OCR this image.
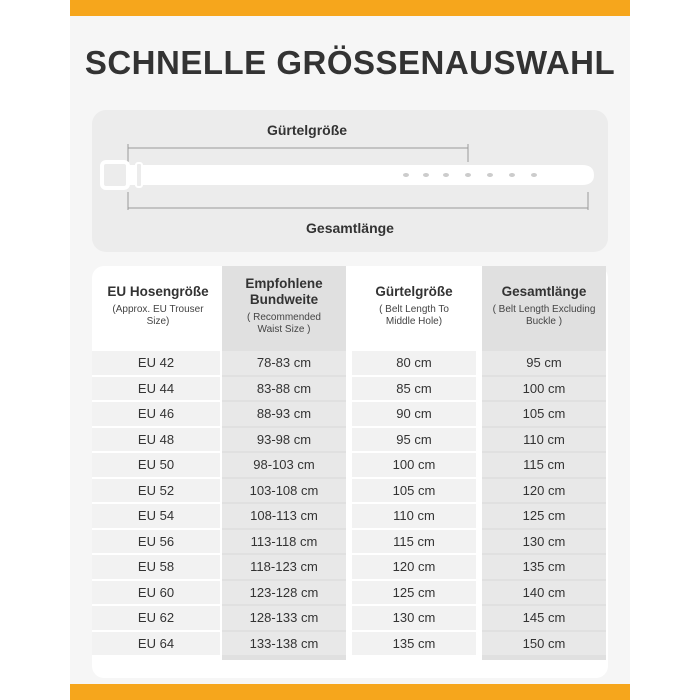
SCHNELLE GRÖSSENAUSWAHL
Gürtelgröße
Gesamtlänge
EU Hosengröße
(Approx. EU Trouser Size)
Empfohlene Bundweite
( Recommended Waist Size )
Gürtelgröße
( Belt Length To Middle Hole)
Gesamtlänge
( Belt Length Excluding Buckle )
EU 42	78-83 cm	80 cm	95 cm
EU 44	83-88 cm	85 cm	100 cm
EU 46	88-93 cm	90 cm	105 cm
EU 48	93-98 cm	95 cm	110 cm
EU 50	98-103 cm	100 cm	115 cm
EU 52	103-108 cm	105 cm	120 cm
EU 54	108-113 cm	110 cm	125 cm
EU 56	113-118 cm	115 cm	130 cm
EU 58	118-123 cm	120 cm	135 cm
EU 60	123-128 cm	125 cm	140 cm
EU 62	128-133 cm	130 cm	145 cm
EU 64	133-138 cm	135 cm	150 cm
